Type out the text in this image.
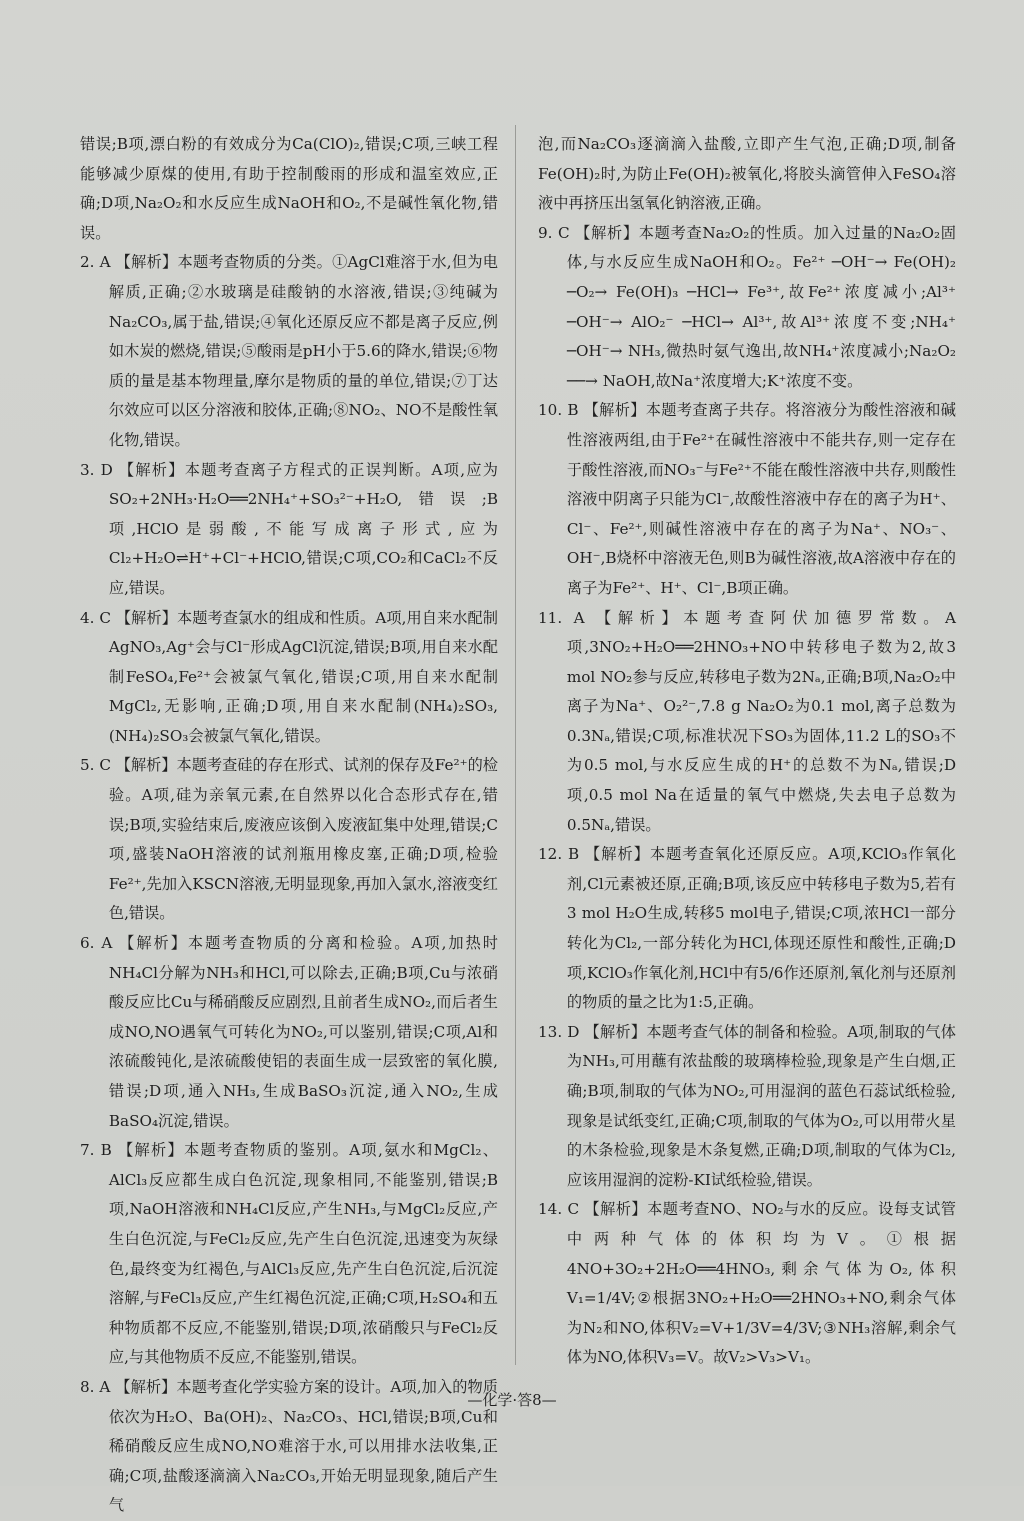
错误;B项,漂白粉的有效成分为Ca(ClO)₂,错误;C项,三峡工程能够减少原煤的使用,有助于控制酸雨的形成和温室效应,正确;D项,Na₂O₂和水反应生成NaOH和O₂,不是碱性氧化物,错误。

2. A 【解析】本题考查物质的分类。①AgCl难溶于水,但为电解质,正确;②水玻璃是硅酸钠的水溶液,错误;③纯碱为Na₂CO₃,属于盐,错误;④氧化还原反应不都是离子反应,例如木炭的燃烧,错误;⑤酸雨是pH小于5.6的降水,错误;⑥物质的量是基本物理量,摩尔是物质的量的单位,错误;⑦丁达尔效应可以区分溶液和胶体,正确;⑧NO₂、NO不是酸性氧化物,错误。

3. D 【解析】本题考查离子方程式的正误判断。A项,应为SO₂+2NH₃·H₂O══2NH₄⁺+SO₃²⁻+H₂O,错误;B项,HClO是弱酸,不能写成离子形式,应为Cl₂+H₂O⇌H⁺+Cl⁻+HClO,错误;C项,CO₂和CaCl₂不反应,错误。

4. C 【解析】本题考查氯水的组成和性质。A项,用自来水配制AgNO₃,Ag⁺会与Cl⁻形成AgCl沉淀,错误;B项,用自来水配制FeSO₄,Fe²⁺会被氯气氧化,错误;C项,用自来水配制MgCl₂,无影响,正确;D项,用自来水配制(NH₄)₂SO₃,(NH₄)₂SO₃会被氯气氧化,错误。

5. C 【解析】本题考查硅的存在形式、试剂的保存及Fe²⁺的检验。A项,硅为亲氧元素,在自然界以化合态形式存在,错误;B项,实验结束后,废液应该倒入废液缸集中处理,错误;C项,盛装NaOH溶液的试剂瓶用橡皮塞,正确;D项,检验Fe²⁺,先加入KSCN溶液,无明显现象,再加入氯水,溶液变红色,错误。

6. A 【解析】本题考查物质的分离和检验。A项,加热时NH₄Cl分解为NH₃和HCl,可以除去,正确;B项,Cu与浓硝酸反应比Cu与稀硝酸反应剧烈,且前者生成NO₂,而后者生成NO,NO遇氧气可转化为NO₂,可以鉴别,错误;C项,Al和浓硫酸钝化,是浓硫酸使铝的表面生成一层致密的氧化膜,错误;D项,通入NH₃,生成BaSO₃沉淀,通入NO₂,生成BaSO₄沉淀,错误。

7. B 【解析】本题考查物质的鉴别。A项,氨水和MgCl₂、AlCl₃反应都生成白色沉淀,现象相同,不能鉴别,错误;B项,NaOH溶液和NH₄Cl反应,产生NH₃,与MgCl₂反应,产生白色沉淀,与FeCl₂反应,先产生白色沉淀,迅速变为灰绿色,最终变为红褐色,与AlCl₃反应,先产生白色沉淀,后沉淀溶解,与FeCl₃反应,产生红褐色沉淀,正确;C项,H₂SO₄和五种物质都不反应,不能鉴别,错误;D项,浓硝酸只与FeCl₂反应,与其他物质不反应,不能鉴别,错误。

8. A 【解析】本题考查化学实验方案的设计。A项,加入的物质依次为H₂O、Ba(OH)₂、Na₂CO₃、HCl,错误;B项,Cu和稀硝酸反应生成NO,NO难溶于水,可以用排水法收集,正确;C项,盐酸逐滴滴入Na₂CO₃,开始无明显现象,随后产生气

泡,而Na₂CO₃逐滴滴入盐酸,立即产生气泡,正确;D项,制备Fe(OH)₂时,为防止Fe(OH)₂被氧化,将胶头滴管伸入FeSO₄溶液中再挤压出氢氧化钠溶液,正确。

9. C 【解析】本题考查Na₂O₂的性质。加入过量的Na₂O₂固体,与水反应生成NaOH和O₂。Fe²⁺ ─OH⁻→ Fe(OH)₂ ─O₂→ Fe(OH)₃ ─HCl→ Fe³⁺,故Fe²⁺浓度减小;Al³⁺ ─OH⁻→ AlO₂⁻ ─HCl→ Al³⁺,故Al³⁺浓度不变;NH₄⁺ ─OH⁻→ NH₃,微热时氨气逸出,故NH₄⁺浓度减小;Na₂O₂ ──→ NaOH,故Na⁺浓度增大;K⁺浓度不变。

10. B 【解析】本题考查离子共存。将溶液分为酸性溶液和碱性溶液两组,由于Fe²⁺在碱性溶液中不能共存,则一定存在于酸性溶液,而NO₃⁻与Fe²⁺不能在酸性溶液中共存,则酸性溶液中阴离子只能为Cl⁻,故酸性溶液中存在的离子为H⁺、Cl⁻、Fe²⁺,则碱性溶液中存在的离子为Na⁺、NO₃⁻、OH⁻,B烧杯中溶液无色,则B为碱性溶液,故A溶液中存在的离子为Fe²⁺、H⁺、Cl⁻,B项正确。

11. A 【解析】本题考查阿伏加德罗常数。A项,3NO₂+H₂O══2HNO₃+NO中转移电子数为2,故3 mol NO₂参与反应,转移电子数为2Nₐ,正确;B项,Na₂O₂中离子为Na⁺、O₂²⁻,7.8 g Na₂O₂为0.1 mol,离子总数为0.3Nₐ,错误;C项,标准状况下SO₃为固体,11.2 L的SO₃不为0.5 mol,与水反应生成的H⁺的总数不为Nₐ,错误;D项,0.5 mol Na在适量的氧气中燃烧,失去电子总数为0.5Nₐ,错误。

12. B 【解析】本题考查氧化还原反应。A项,KClO₃作氧化剂,Cl元素被还原,正确;B项,该反应中转移电子数为5,若有3 mol H₂O生成,转移5 mol电子,错误;C项,浓HCl一部分转化为Cl₂,一部分转化为HCl,体现还原性和酸性,正确;D项,KClO₃作氧化剂,HCl中有5/6作还原剂,氧化剂与还原剂的物质的量之比为1:5,正确。

13. D 【解析】本题考查气体的制备和检验。A项,制取的气体为NH₃,可用蘸有浓盐酸的玻璃棒检验,现象是产生白烟,正确;B项,制取的气体为NO₂,可用湿润的蓝色石蕊试纸检验,现象是试纸变红,正确;C项,制取的气体为O₂,可以用带火星的木条检验,现象是木条复燃,正确;D项,制取的气体为Cl₂,应该用湿润的淀粉-KI试纸检验,错误。

14. C 【解析】本题考查NO、NO₂与水的反应。设每支试管中两种气体的体积均为V。①根据4NO+3O₂+2H₂O══4HNO₃,剩余气体为O₂,体积V₁=1/4V;②根据3NO₂+H₂O══2HNO₃+NO,剩余气体为N₂和NO,体积V₂=V+1/3V=4/3V;③NH₃溶解,剩余气体为NO,体积V₃=V。故V₂>V₃>V₁。

—化学·答8—
